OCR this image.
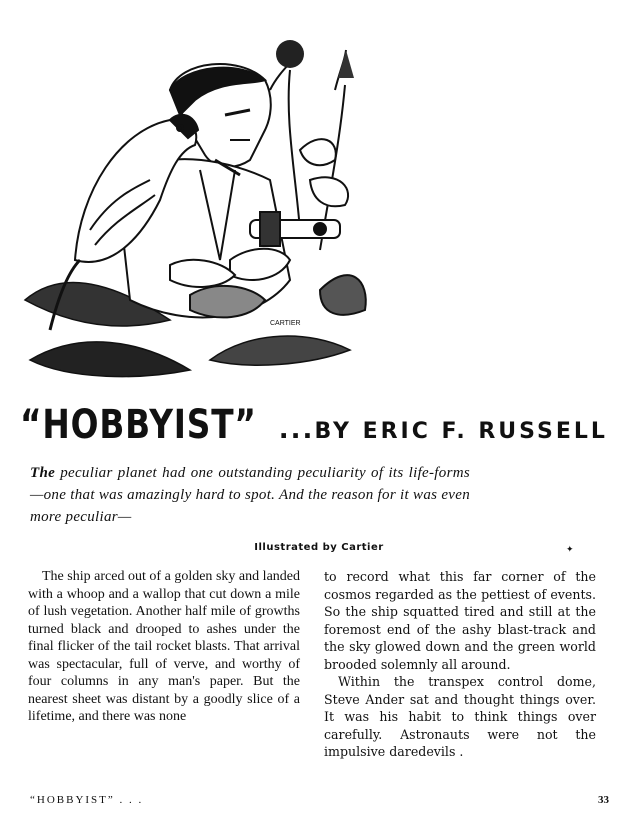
CARTIER
“HOBBYIST” ...BY ERIC F. RUSSELL
The peculiar planet had one outstanding peculiarity of its life-forms—one that was amazingly hard to spot. And the reason for it was even more peculiar—
Illustrated by Cartier	✦

The ship arced out of a golden sky and landed with a whoop and a wallop that cut down a mile of lush vegetation. Another half mile of growths turned black and drooped to ashes under the final flicker of the tail rocket blasts. That arrival was spectacular, full of verve, and worthy of four columns in any man's paper. But the nearest sheet was distant by a goodly slice of a lifetime, and there was none

to record what this far corner of the cosmos regarded as the pettiest of events. So the ship squatted tired and still at the foremost end of the ashy blast-track and the sky glowed down and the green world brooded solemnly all around.

Within the transpex control dome, Steve Ander sat and thought things over. It was his habit to think things over carefully. Astronauts were not the impulsive daredevils .

“HOBBYIST” . . .	33
